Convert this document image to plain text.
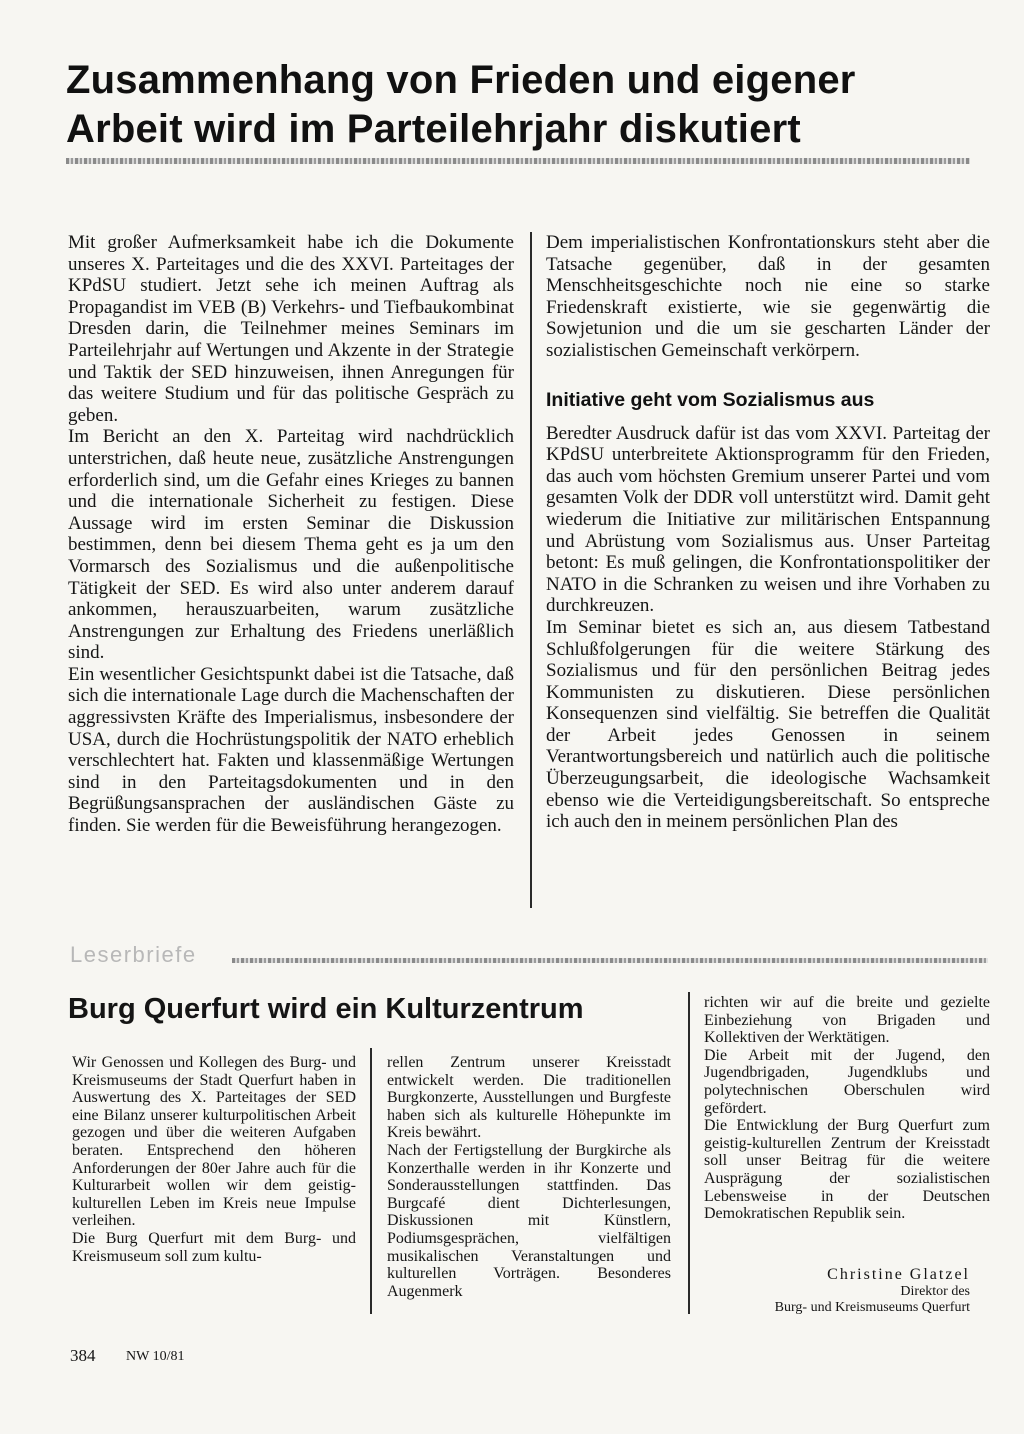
Zusammenhang von Frieden und eigener
Arbeit wird im Parteilehrjahr diskutiert

Mit großer Aufmerksamkeit habe ich die Dokumente unseres X. Parteitages und die des XXVI. Parteitages der KPdSU studiert. Jetzt sehe ich meinen Auftrag als Propagandist im VEB (B) Verkehrs- und Tiefbaukombinat Dresden darin, die Teilnehmer meines Seminars im Parteilehrjahr auf Wertungen und Akzente in der Strategie und Taktik der SED hinzuweisen, ihnen Anregungen für das weitere Studium und für das politische Gespräch zu geben.

Im Bericht an den X. Parteitag wird nachdrücklich unterstrichen, daß heute neue, zusätzliche Anstrengungen erforderlich sind, um die Gefahr eines Krieges zu bannen und die internationale Sicherheit zu festigen. Diese Aussage wird im ersten Seminar die Diskussion bestimmen, denn bei diesem Thema geht es ja um den Vormarsch des Sozialismus und die außenpolitische Tätigkeit der SED. Es wird also unter anderem darauf ankommen, herauszuarbeiten, warum zusätzliche Anstrengungen zur Erhaltung des Friedens unerläßlich sind.

Ein wesentlicher Gesichtspunkt dabei ist die Tatsache, daß sich die internationale Lage durch die Machenschaften der aggressivsten Kräfte des Imperialismus, insbesondere der USA, durch die Hochrüstungspolitik der NATO erheblich verschlechtert hat. Fakten und klassenmäßige Wertungen sind in den Parteitagsdokumenten und in den Begrüßungsansprachen der ausländischen Gäste zu finden. Sie werden für die Beweisführung herangezogen.

Dem imperialistischen Konfrontationskurs steht aber die Tatsache gegenüber, daß in der gesamten Menschheitsgeschichte noch nie eine so starke Friedenskraft existierte, wie sie gegenwärtig die Sowjetunion und die um sie gescharten Länder der sozialistischen Gemeinschaft verkörpern.

Initiative geht vom Sozialismus aus

Beredter Ausdruck dafür ist das vom XXVI. Parteitag der KPdSU unterbreitete Aktionsprogramm für den Frieden, das auch vom höchsten Gremium unserer Partei und vom gesamten Volk der DDR voll unterstützt wird. Damit geht wiederum die Initiative zur militärischen Entspannung und Abrüstung vom Sozialismus aus. Unser Parteitag betont: Es muß gelingen, die Konfrontationspolitiker der NATO in die Schranken zu weisen und ihre Vorhaben zu durchkreuzen.

Im Seminar bietet es sich an, aus diesem Tatbestand Schlußfolgerungen für die weitere Stärkung des Sozialismus und für den persönlichen Beitrag jedes Kommunisten zu diskutieren. Diese persönlichen Konsequenzen sind vielfältig. Sie betreffen die Qualität der Arbeit jedes Genossen in seinem Verantwortungsbereich und natürlich auch die politische Überzeugungsarbeit, die ideologische Wachsamkeit ebenso wie die Verteidigungsbereitschaft. So entspreche ich auch den in meinem persönlichen Plan des

Leserbriefe

Burg Querfurt wird ein Kulturzentrum

Wir Genossen und Kollegen des Burg- und Kreismuseums der Stadt Querfurt haben in Auswertung des X. Parteitages der SED eine Bilanz unserer kulturpolitischen Arbeit gezogen und über die weiteren Aufgaben beraten. Entsprechend den höheren Anforderungen der 80er Jahre auch für die Kulturarbeit wollen wir dem geistig-kulturellen Leben im Kreis neue Impulse verleihen.

Die Burg Querfurt mit dem Burg- und Kreismuseum soll zum kultu-

rellen Zentrum unserer Kreisstadt entwickelt werden. Die traditionellen Burgkonzerte, Ausstellungen und Burgfeste haben sich als kulturelle Höhepunkte im Kreis bewährt.

Nach der Fertigstellung der Burgkirche als Konzerthalle werden in ihr Konzerte und Sonderausstellungen stattfinden. Das Burgcafé dient Dichterlesungen, Diskussionen mit Künstlern, Podiumsgesprächen, vielfältigen musikalischen Veranstaltungen und kulturellen Vorträgen. Besonderes Augenmerk

richten wir auf die breite und gezielte Einbeziehung von Brigaden und Kollektiven der Werktätigen.

Die Arbeit mit der Jugend, den Jugendbrigaden, Jugendklubs und polytechnischen Oberschulen wird gefördert.

Die Entwicklung der Burg Querfurt zum geistig-kulturellen Zentrum der Kreisstadt soll unser Beitrag für die weitere Ausprägung der sozialistischen Lebensweise in der Deutschen Demokratischen Republik sein.

Christine Glatzel
Direktor des
Burg- und Kreismuseums Querfurt
384 NW 10/81
